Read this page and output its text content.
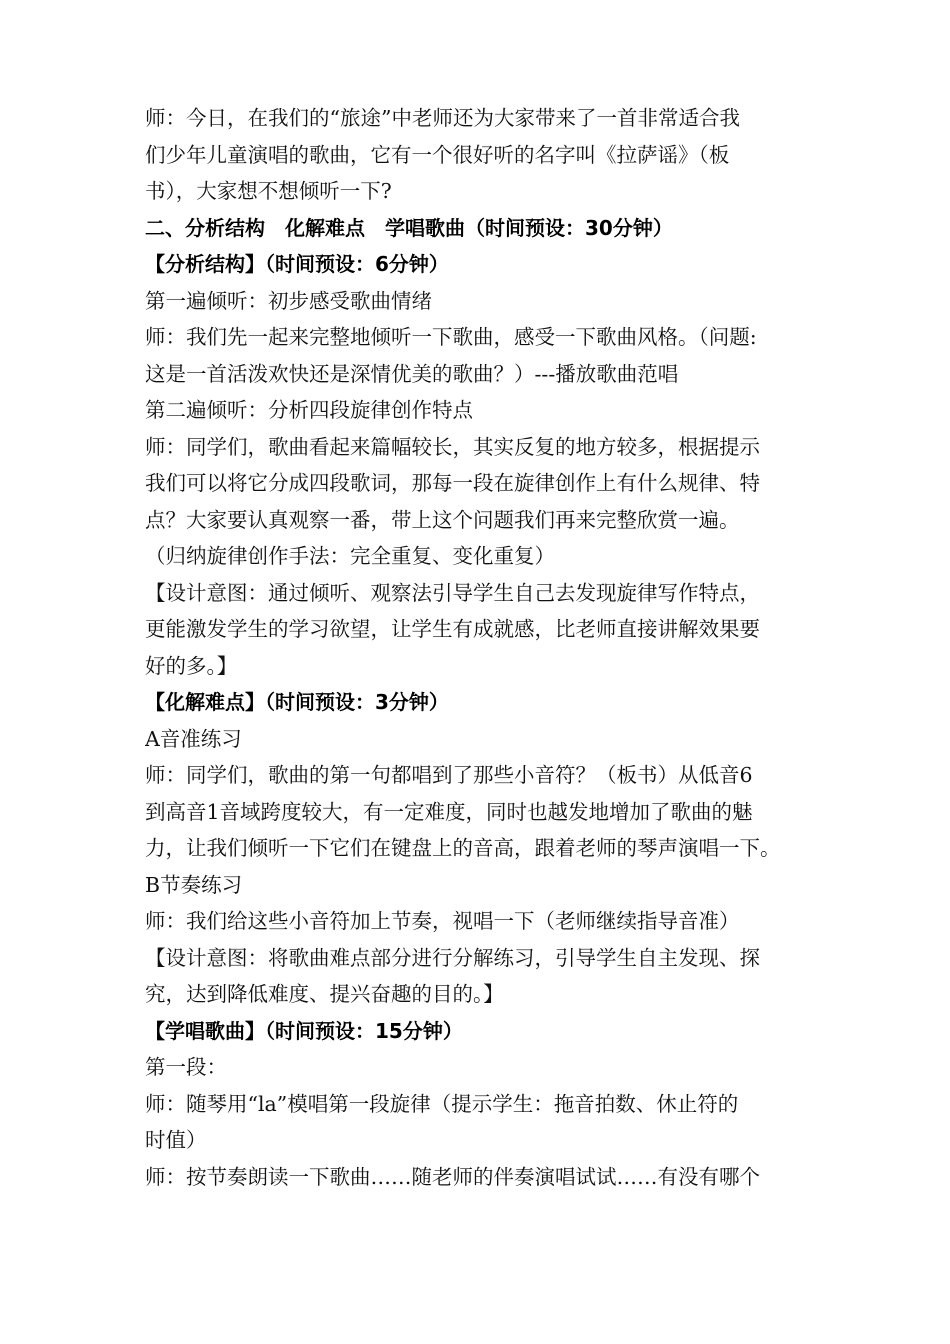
师：今日，在我们的“旅途”中老师还为大家带来了一首非常适合我
们少年儿童演唱的歌曲，它有一个很好听的名字叫《拉萨谣》（板
书），大家想不想倾听一下?
二、分析结构　化解难点　学唱歌曲（时间预设：30分钟）
【分析结构】（时间预设：6分钟）
第一遍倾听：初步感受歌曲情绪
师：我们先一起来完整地倾听一下歌曲，感受一下歌曲风格。（问题:
这是一首活泼欢快还是深情优美的歌曲？）---播放歌曲范唱
第二遍倾听：分析四段旋律创作特点
师：同学们，歌曲看起来篇幅较长，其实反复的地方较多，根据提示
我们可以将它分成四段歌词，那每一段在旋律创作上有什么规律、特
点？大家要认真观察一番，带上这个问题我们再来完整欣赏一遍。
（归纳旋律创作手法：完全重复、变化重复）
【设计意图：通过倾听、观察法引导学生自己去发现旋律写作特点，
更能激发学生的学习欲望，让学生有成就感，比老师直接讲解效果要
好的多。】
【化解难点】（时间预设：3分钟）
A音准练习
师：同学们，歌曲的第一句都唱到了那些小音符？（板书）从低音6
到高音1音域跨度较大，有一定难度，同时也越发地增加了歌曲的魅
力，让我们倾听一下它们在键盘上的音高，跟着老师的琴声演唱一下。
B节奏练习
师：我们给这些小音符加上节奏，视唱一下（老师继续指导音准）
【设计意图：将歌曲难点部分进行分解练习，引导学生自主发现、探
究，达到降低难度、提兴奋趣的目的。】
【学唱歌曲】（时间预设：15分钟）
第一段：
师：随琴用“la”模唱第一段旋律（提示学生：拖音拍数、休止符的
时值）
师：按节奏朗读一下歌曲……随老师的伴奏演唱试试……有没有哪个
